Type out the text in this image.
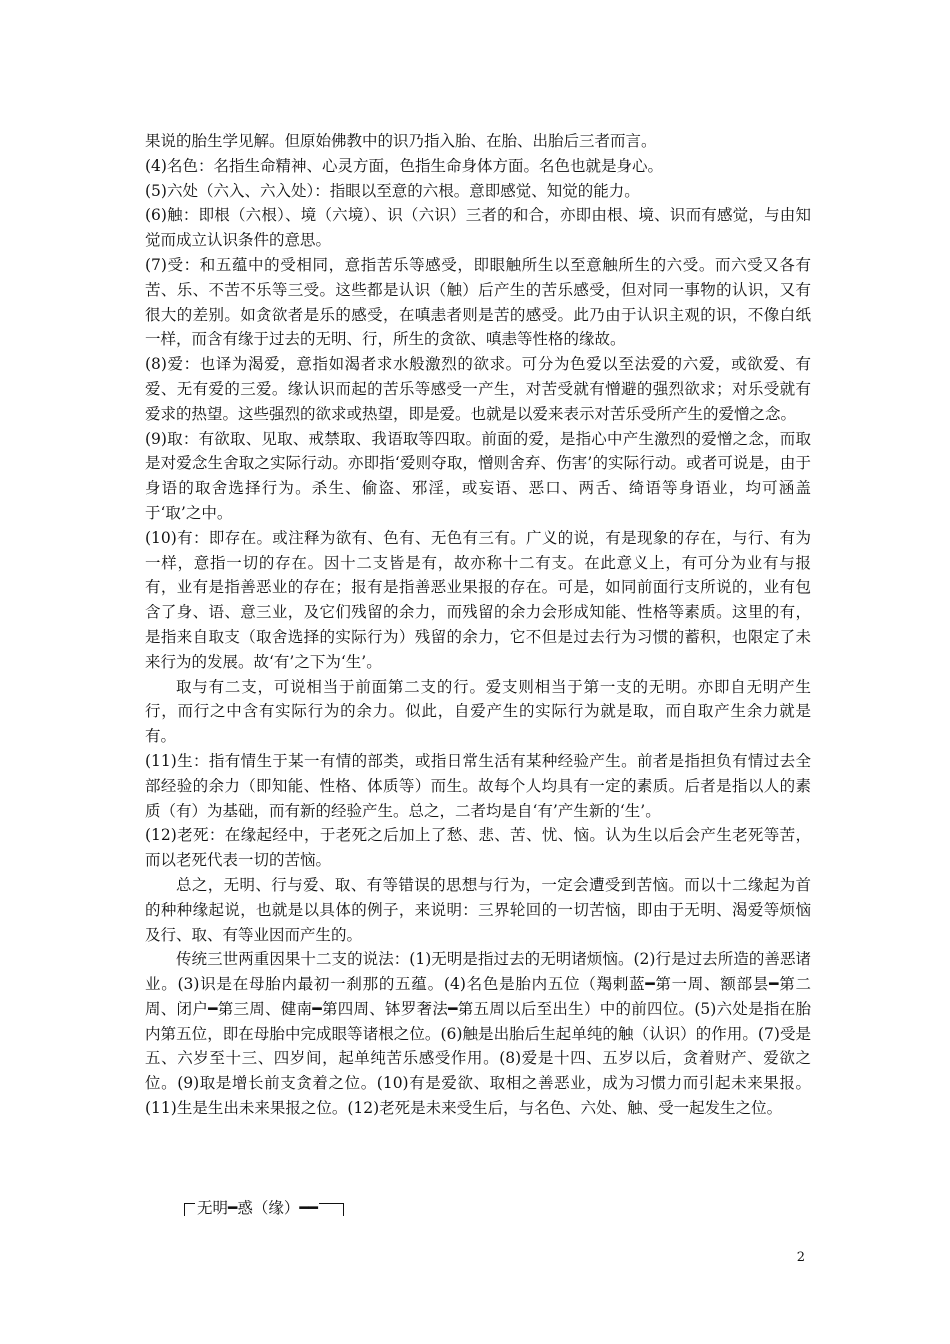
果说的胎生学见解。但原始佛教中的识乃指入胎、在胎、出胎后三者而言。

(4)名色：名指生命精神、心灵方面，色指生命身体方面。名色也就是身心。

(5)六处（六入、六入处）：指眼以至意的六根。意即感觉、知觉的能力。

(6)触：即根（六根）、境（六境）、识（六识）三者的和合，亦即由根、境、识而有感觉，与由知觉而成立认识条件的意思。

(7)受：和五蕴中的受相同，意指苦乐等感受，即眼触所生以至意触所生的六受。而六受又各有苦、乐、不苦不乐等三受。这些都是认识（触）后产生的苦乐感受，但对同一事物的认识，又有很大的差别。如贪欲者是乐的感受，在嗔恚者则是苦的感受。此乃由于认识主观的识，不像白纸一样，而含有缘于过去的无明、行，所生的贪欲、嗔恚等性格的缘故。

(8)爱：也译为渴爱，意指如渴者求水般激烈的欲求。可分为色爱以至法爱的六爱，或欲爱、有爱、无有爱的三爱。缘认识而起的苦乐等感受一产生，对苦受就有憎避的强烈欲求；对乐受就有爱求的热望。这些强烈的欲求或热望，即是爱。也就是以爱来表示对苦乐受所产生的爱憎之念。

(9)取：有欲取、见取、戒禁取、我语取等四取。前面的爱，是指心中产生激烈的爱憎之念，而取是对爱念生舍取之实际行动。亦即指‘爱则夺取，憎则舍弃、伤害’的实际行动。或者可说是，由于身语的取舍选择行为。杀生、偷盗、邪淫，或妄语、恶口、两舌、绮语等身语业，均可涵盖于‘取’之中。

(10)有：即存在。或注释为欲有、色有、无色有三有。广义的说，有是现象的存在，与行、有为一样，意指一切的存在。因十二支皆是有，故亦称十二有支。在此意义上，有可分为业有与报有，业有是指善恶业的存在；报有是指善恶业果报的存在。可是，如同前面行支所说的，业有包含了身、语、意三业，及它们残留的余力，而残留的余力会形成知能、性格等素质。这里的有，是指来自取支（取舍选择的实际行为）残留的余力，它不但是过去行为习惯的蓄积，也限定了未来行为的发展。故‘有’之下为‘生’。

取与有二支，可说相当于前面第二支的行。爱支则相当于第一支的无明。亦即自无明产生行，而行之中含有实际行为的余力。似此，自爱产生的实际行为就是取，而自取产生余力就是有。

(11)生：指有情生于某一有情的部类，或指日常生活有某种经验产生。前者是指担负有情过去全部经验的余力（即知能、性格、体质等）而生。故每个人均具有一定的素质。后者是指以人的素质（有）为基础，而有新的经验产生。总之，二者均是自‘有’产生新的‘生’。

(12)老死：在缘起经中，于老死之后加上了愁、悲、苦、忧、恼。认为生以后会产生老死等苦，而以老死代表一切的苦恼。

总之，无明、行与爱、取、有等错误的思想与行为，一定会遭受到苦恼。而以十二缘起为首的种种缘起说，也就是以具体的例子，来说明：三界轮回的一切苦恼，即由于无明、渴爱等烦恼及行、取、有等业因而产生的。

传统三世两重因果十二支的说法：(1)无明是指过去的无明诸烦恼。(2)行是过去所造的善恶诸业。(3)识是在母胎内最初一刹那的五蕴。(4)名色是胎内五位（羯剌蓝━第一周、额部昙━第二周、闭户━第三周、健南━第四周、钵罗奢法━第五周以后至出生）中的前四位。(5)六处是指在胎内第五位，即在母胎中完成眼等诸根之位。(6)触是出胎后生起单纯的触（认识）的作用。(7)受是五、六岁至十三、四岁间，起单纯苦乐感受作用。(8)爱是十四、五岁以后，贪着财产、爱欲之位。(9)取是增长前支贪着之位。(10)有是爱欲、取相之善恶业，成为习惯力而引起未来果报。(11)生是生出未来果报之位。(12)老死是未来受生后，与名色、六处、触、受一起发生之位。

无明━惑（缘）━━
2
